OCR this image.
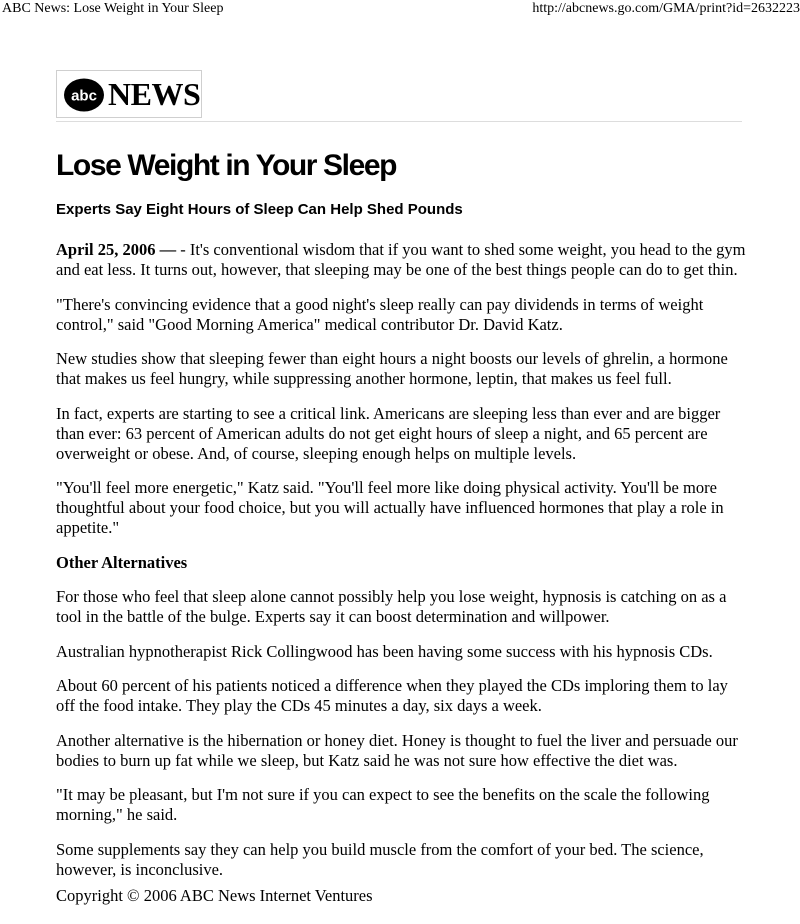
ABC News: Lose Weight in Your Sleep	http://abcnews.go.com/GMA/print?id=2632223
abc NEWS
Lose Weight in Your Sleep
Experts Say Eight Hours of Sleep Can Help Shed Pounds

April 25, 2006 — - It's conventional wisdom that if you want to shed some weight, you head to the gym and eat less. It turns out, however, that sleeping may be one of the best things people can do to get thin.

"There's convincing evidence that a good night's sleep really can pay dividends in terms of weight control," said "Good Morning America" medical contributor Dr. David Katz.

New studies show that sleeping fewer than eight hours a night boosts our levels of ghrelin, a hormone that makes us feel hungry, while suppressing another hormone, leptin, that makes us feel full.

In fact, experts are starting to see a critical link. Americans are sleeping less than ever and are bigger than ever: 63 percent of American adults do not get eight hours of sleep a night, and 65 percent are overweight or obese. And, of course, sleeping enough helps on multiple levels.

"You'll feel more energetic," Katz said. "You'll feel more like doing physical activity. You'll be more thoughtful about your food choice, but you will actually have influenced hormones that play a role in appetite."

Other Alternatives

For those who feel that sleep alone cannot possibly help you lose weight, hypnosis is catching on as a tool in the battle of the bulge. Experts say it can boost determination and willpower.

Australian hypnotherapist Rick Collingwood has been having some success with his hypnosis CDs.

About 60 percent of his patients noticed a difference when they played the CDs imploring them to lay off the food intake. They play the CDs 45 minutes a day, six days a week.

Another alternative is the hibernation or honey diet. Honey is thought to fuel the liver and persuade our bodies to burn up fat while we sleep, but Katz said he was not sure how effective the diet was.

"It may be pleasant, but I'm not sure if you can expect to see the benefits on the scale the following morning," he said.

Some supplements say they can help you build muscle from the comfort of your bed. The science, however, is inconclusive.

Copyright © 2006 ABC News Internet Ventures
